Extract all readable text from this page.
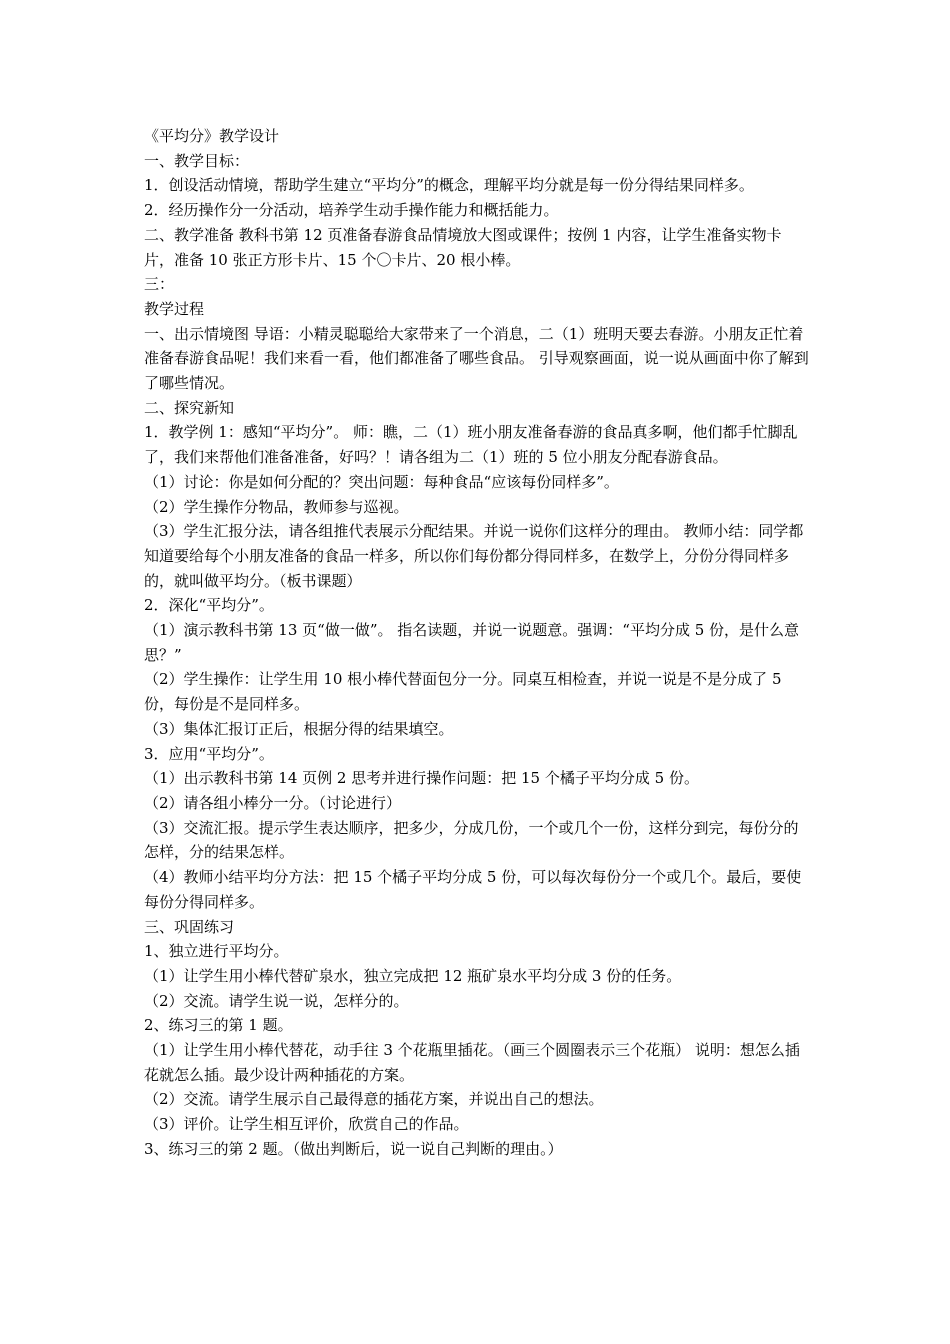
《平均分》教学设计

一、教学目标：

1．创设活动情境，帮助学生建立“平均分”的概念，理解平均分就是每一份分得结果同样多。

2．经历操作分一分活动，培养学生动手操作能力和概括能力。

二、教学准备 教科书第 12 页准备春游食品情境放大图或课件；按例 1 内容，让学生准备实物卡片，准备 10 张正方形卡片、15 个〇卡片、20 根小棒。

三：

教学过程

一、出示情境图 导语：小精灵聪聪给大家带来了一个消息，二（1）班明天要去春游。小朋友正忙着准备春游食品呢！我们来看一看，他们都准备了哪些食品。 引导观察画面，说一说从画面中你了解到了哪些情况。

二、探究新知

1．教学例 1：感知“平均分”。 师：瞧，二（1）班小朋友准备春游的食品真多啊，他们都手忙脚乱了，我们来帮他们准备准备，好吗？！请各组为二（1）班的 5 位小朋友分配春游食品。

（1）讨论：你是如何分配的？突出问题：每种食品“应该每份同样多”。

（2）学生操作分物品，教师参与巡视。

（3）学生汇报分法，请各组推代表展示分配结果。并说一说你们这样分的理由。 教师小结：同学都知道要给每个小朋友准备的食品一样多，所以你们每份都分得同样多，在数学上，分份分得同样多的，就叫做平均分。（板书课题）

2．深化“平均分”。

（1）演示教科书第 13 页“做一做”。 指名读题，并说一说题意。强调：“平均分成 5 份，是什么意思？”

（2）学生操作：让学生用 10 根小棒代替面包分一分。同桌互相检查，并说一说是不是分成了 5 份，每份是不是同样多。

（3）集体汇报订正后，根据分得的结果填空。

3．应用“平均分”。

（1）出示教科书第 14 页例 2 思考并进行操作问题：把 15 个橘子平均分成 5 份。

（2）请各组小棒分一分。（讨论进行）

（3）交流汇报。提示学生表达顺序，把多少，分成几份，一个或几个一份，这样分到完，每份分的怎样，分的结果怎样。

（4）教师小结平均分方法：把 15 个橘子平均分成 5 份，可以每次每份分一个或几个。最后，要使每份分得同样多。

三、巩固练习

1、独立进行平均分。

（1）让学生用小棒代替矿泉水，独立完成把 12 瓶矿泉水平均分成 3 份的任务。

（2）交流。请学生说一说，怎样分的。

2、练习三的第 1 题。

（1）让学生用小棒代替花，动手往 3 个花瓶里插花。（画三个圆圈表示三个花瓶） 说明：想怎么插花就怎么插。最少设计两种插花的方案。

（2）交流。请学生展示自己最得意的插花方案，并说出自己的想法。

（3）评价。让学生相互评价，欣赏自己的作品。

3、练习三的第 2 题。（做出判断后，说一说自己判断的理由。）
